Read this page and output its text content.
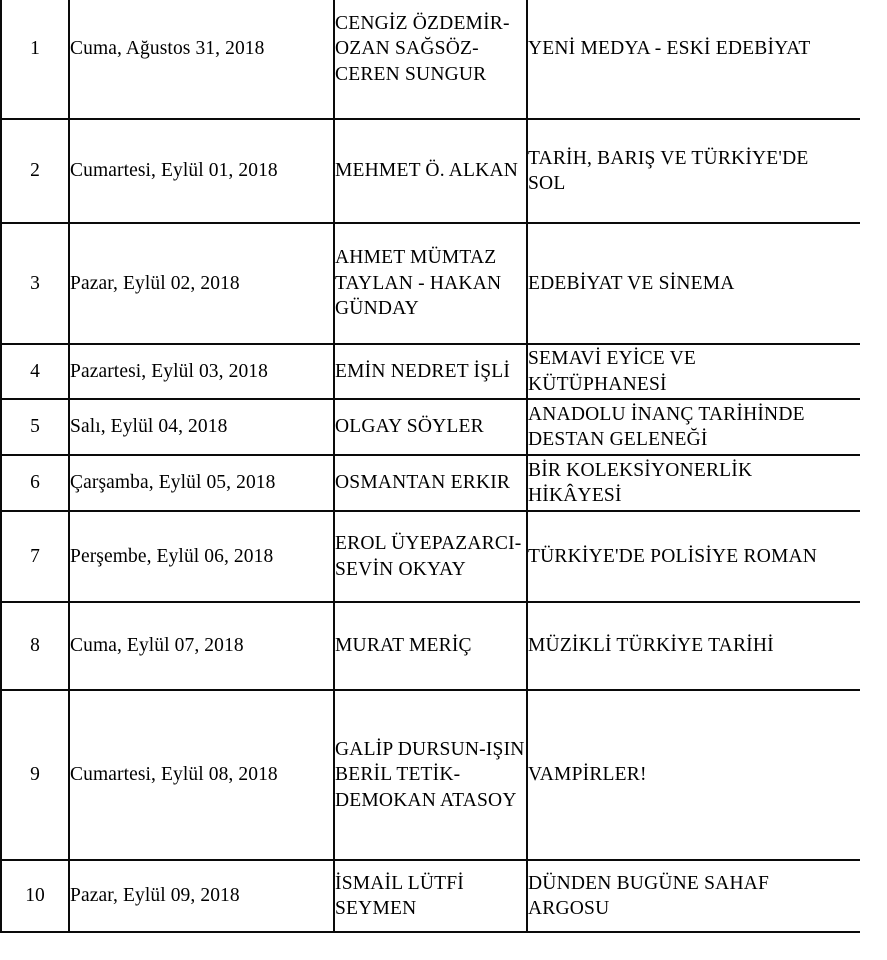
1	Cuma, Ağustos 31, 2018	CENGİZ ÖZDEMİR-
OZAN SAĞSÖZ-
CEREN SUNGUR	YENİ MEDYA - ESKİ EDEBİYAT

2	Cumartesi, Eylül 01, 2018	MEHMET Ö. ALKAN	TARİH, BARIŞ VE TÜRKİYE'DE
SOL

3	Pazar, Eylül 02, 2018	AHMET MÜMTAZ
TAYLAN - HAKAN
GÜNDAY	EDEBİYAT VE SİNEMA

4	Pazartesi, Eylül 03, 2018	EMİN NEDRET İŞLİ	SEMAVİ EYİCE VE
KÜTÜPHANESİ

5	Salı, Eylül 04, 2018	OLGAY SÖYLER	ANADOLU İNANÇ TARİHİNDE
DESTAN GELENEĞİ

6	Çarşamba, Eylül 05, 2018	OSMANTAN ERKIR	BİR KOLEKSİYONERLİK
HİKÂYESİ

7	Perşembe, Eylül 06, 2018	EROL ÜYEPAZARCI-
SEVİN OKYAY	TÜRKİYE'DE POLİSİYE ROMAN

8	Cuma, Eylül 07, 2018	MURAT MERİÇ	MÜZİKLİ TÜRKİYE TARİHİ

9	Cumartesi, Eylül 08, 2018	GALİP DURSUN-IŞIN
BERİL TETİK-
DEMOKAN ATASOY	VAMPİRLER!

10	Pazar, Eylül 09, 2018	İSMAİL LÜTFİ
SEYMEN	DÜNDEN BUGÜNE SAHAF
ARGOSU
